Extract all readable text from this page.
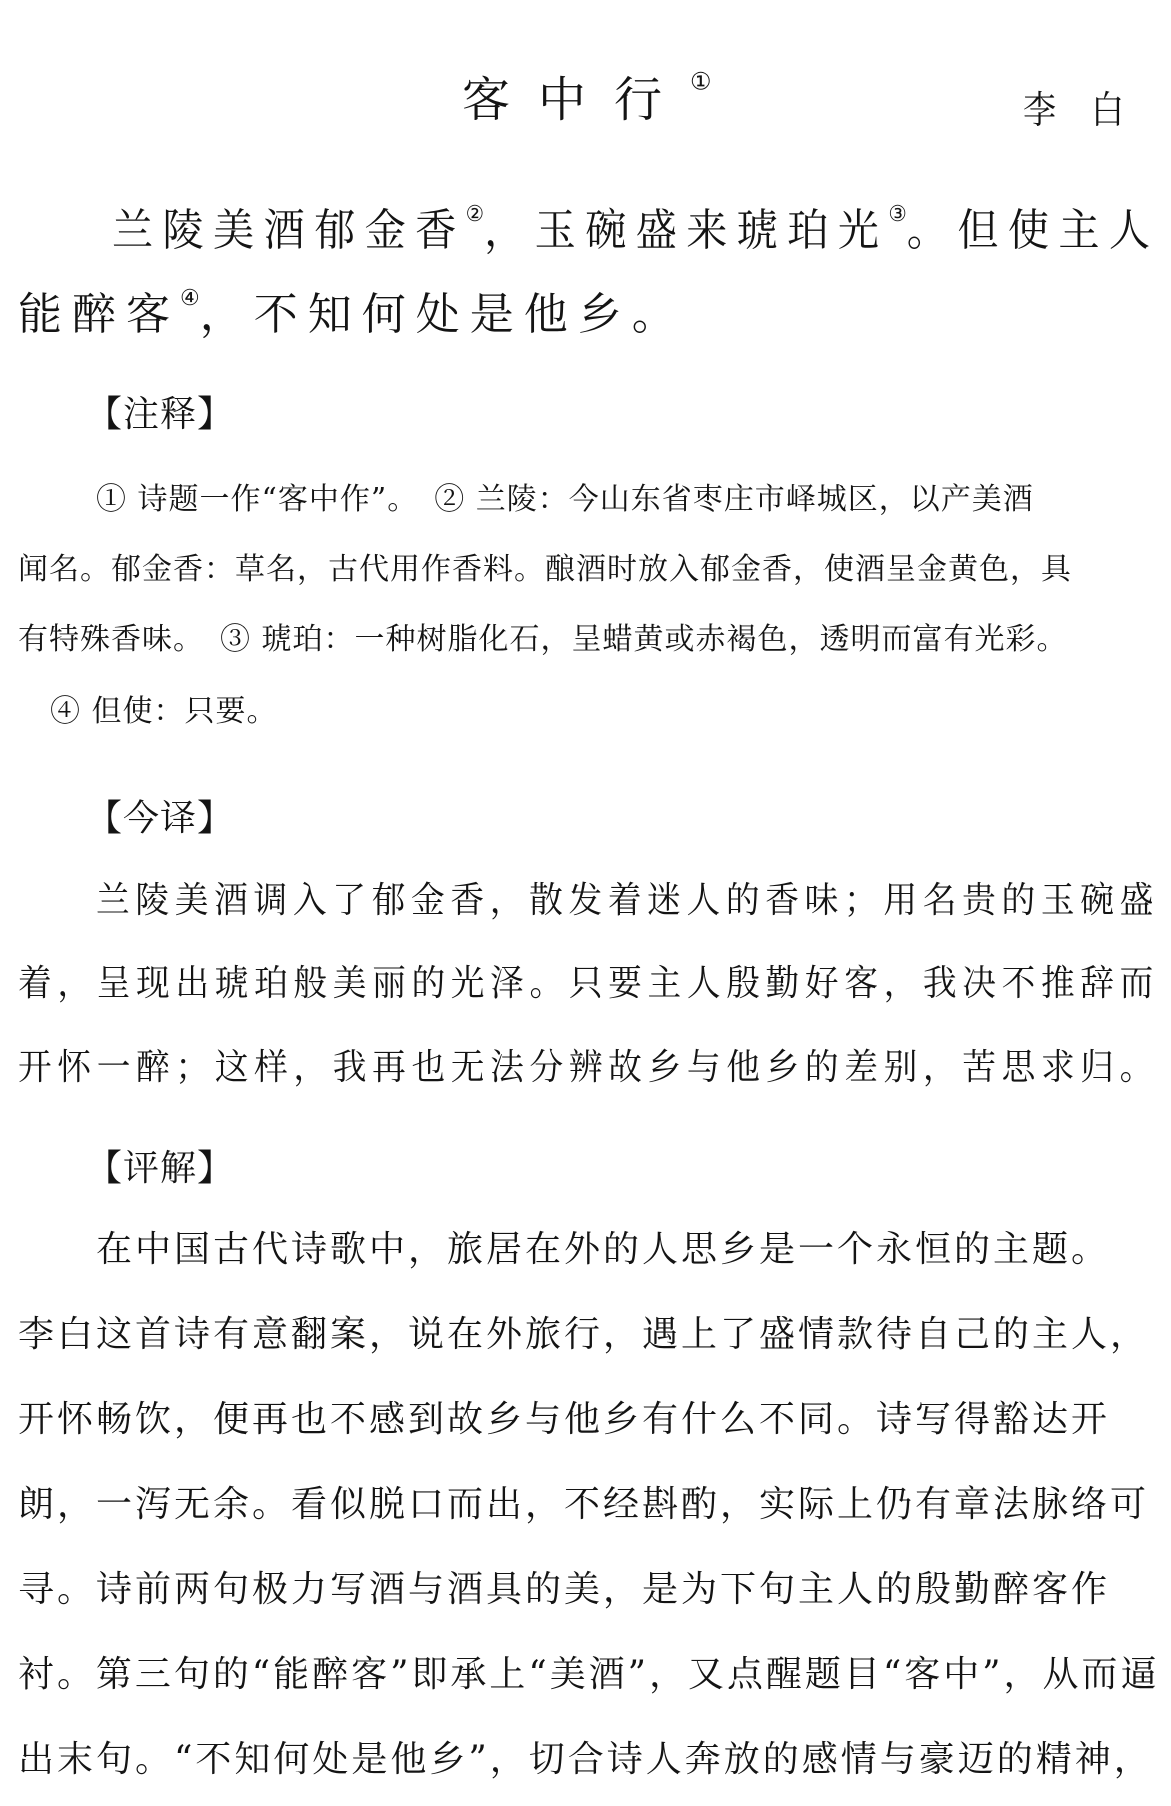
客中行①
李白
兰陵美酒郁金香②，玉碗盛来琥珀光③。但使主人
能醉客④，不知何处是他乡。
【注释】
① 诗题一作“客中作”。　② 兰陵：今山东省枣庄市峄城区，以产美酒
闻名。郁金香：草名，古代用作香料。酿酒时放入郁金香，使酒呈金黄色，具
有特殊香味。　③ 琥珀：一种树脂化石，呈蜡黄或赤褐色，透明而富有光彩。
④ 但使：只要。
【今译】
兰陵美酒调入了郁金香，散发着迷人的香味；用名贵的玉碗盛
着，呈现出琥珀般美丽的光泽。只要主人殷勤好客，我决不推辞而
开怀一醉；这样，我再也无法分辨故乡与他乡的差别，苦思求归。
【评解】
在中国古代诗歌中，旅居在外的人思乡是一个永恒的主题。
李白这首诗有意翻案，说在外旅行，遇上了盛情款待自己的主人，
开怀畅饮，便再也不感到故乡与他乡有什么不同。诗写得豁达开
朗，一泻无余。看似脱口而出，不经斟酌，实际上仍有章法脉络可
寻。诗前两句极力写酒与酒具的美，是为下句主人的殷勤醉客作
衬。第三句的“能醉客”即承上“美酒”，又点醒题目“客中”，从而逼
出末句。“不知何处是他乡”，切合诗人奔放的感情与豪迈的精神，
